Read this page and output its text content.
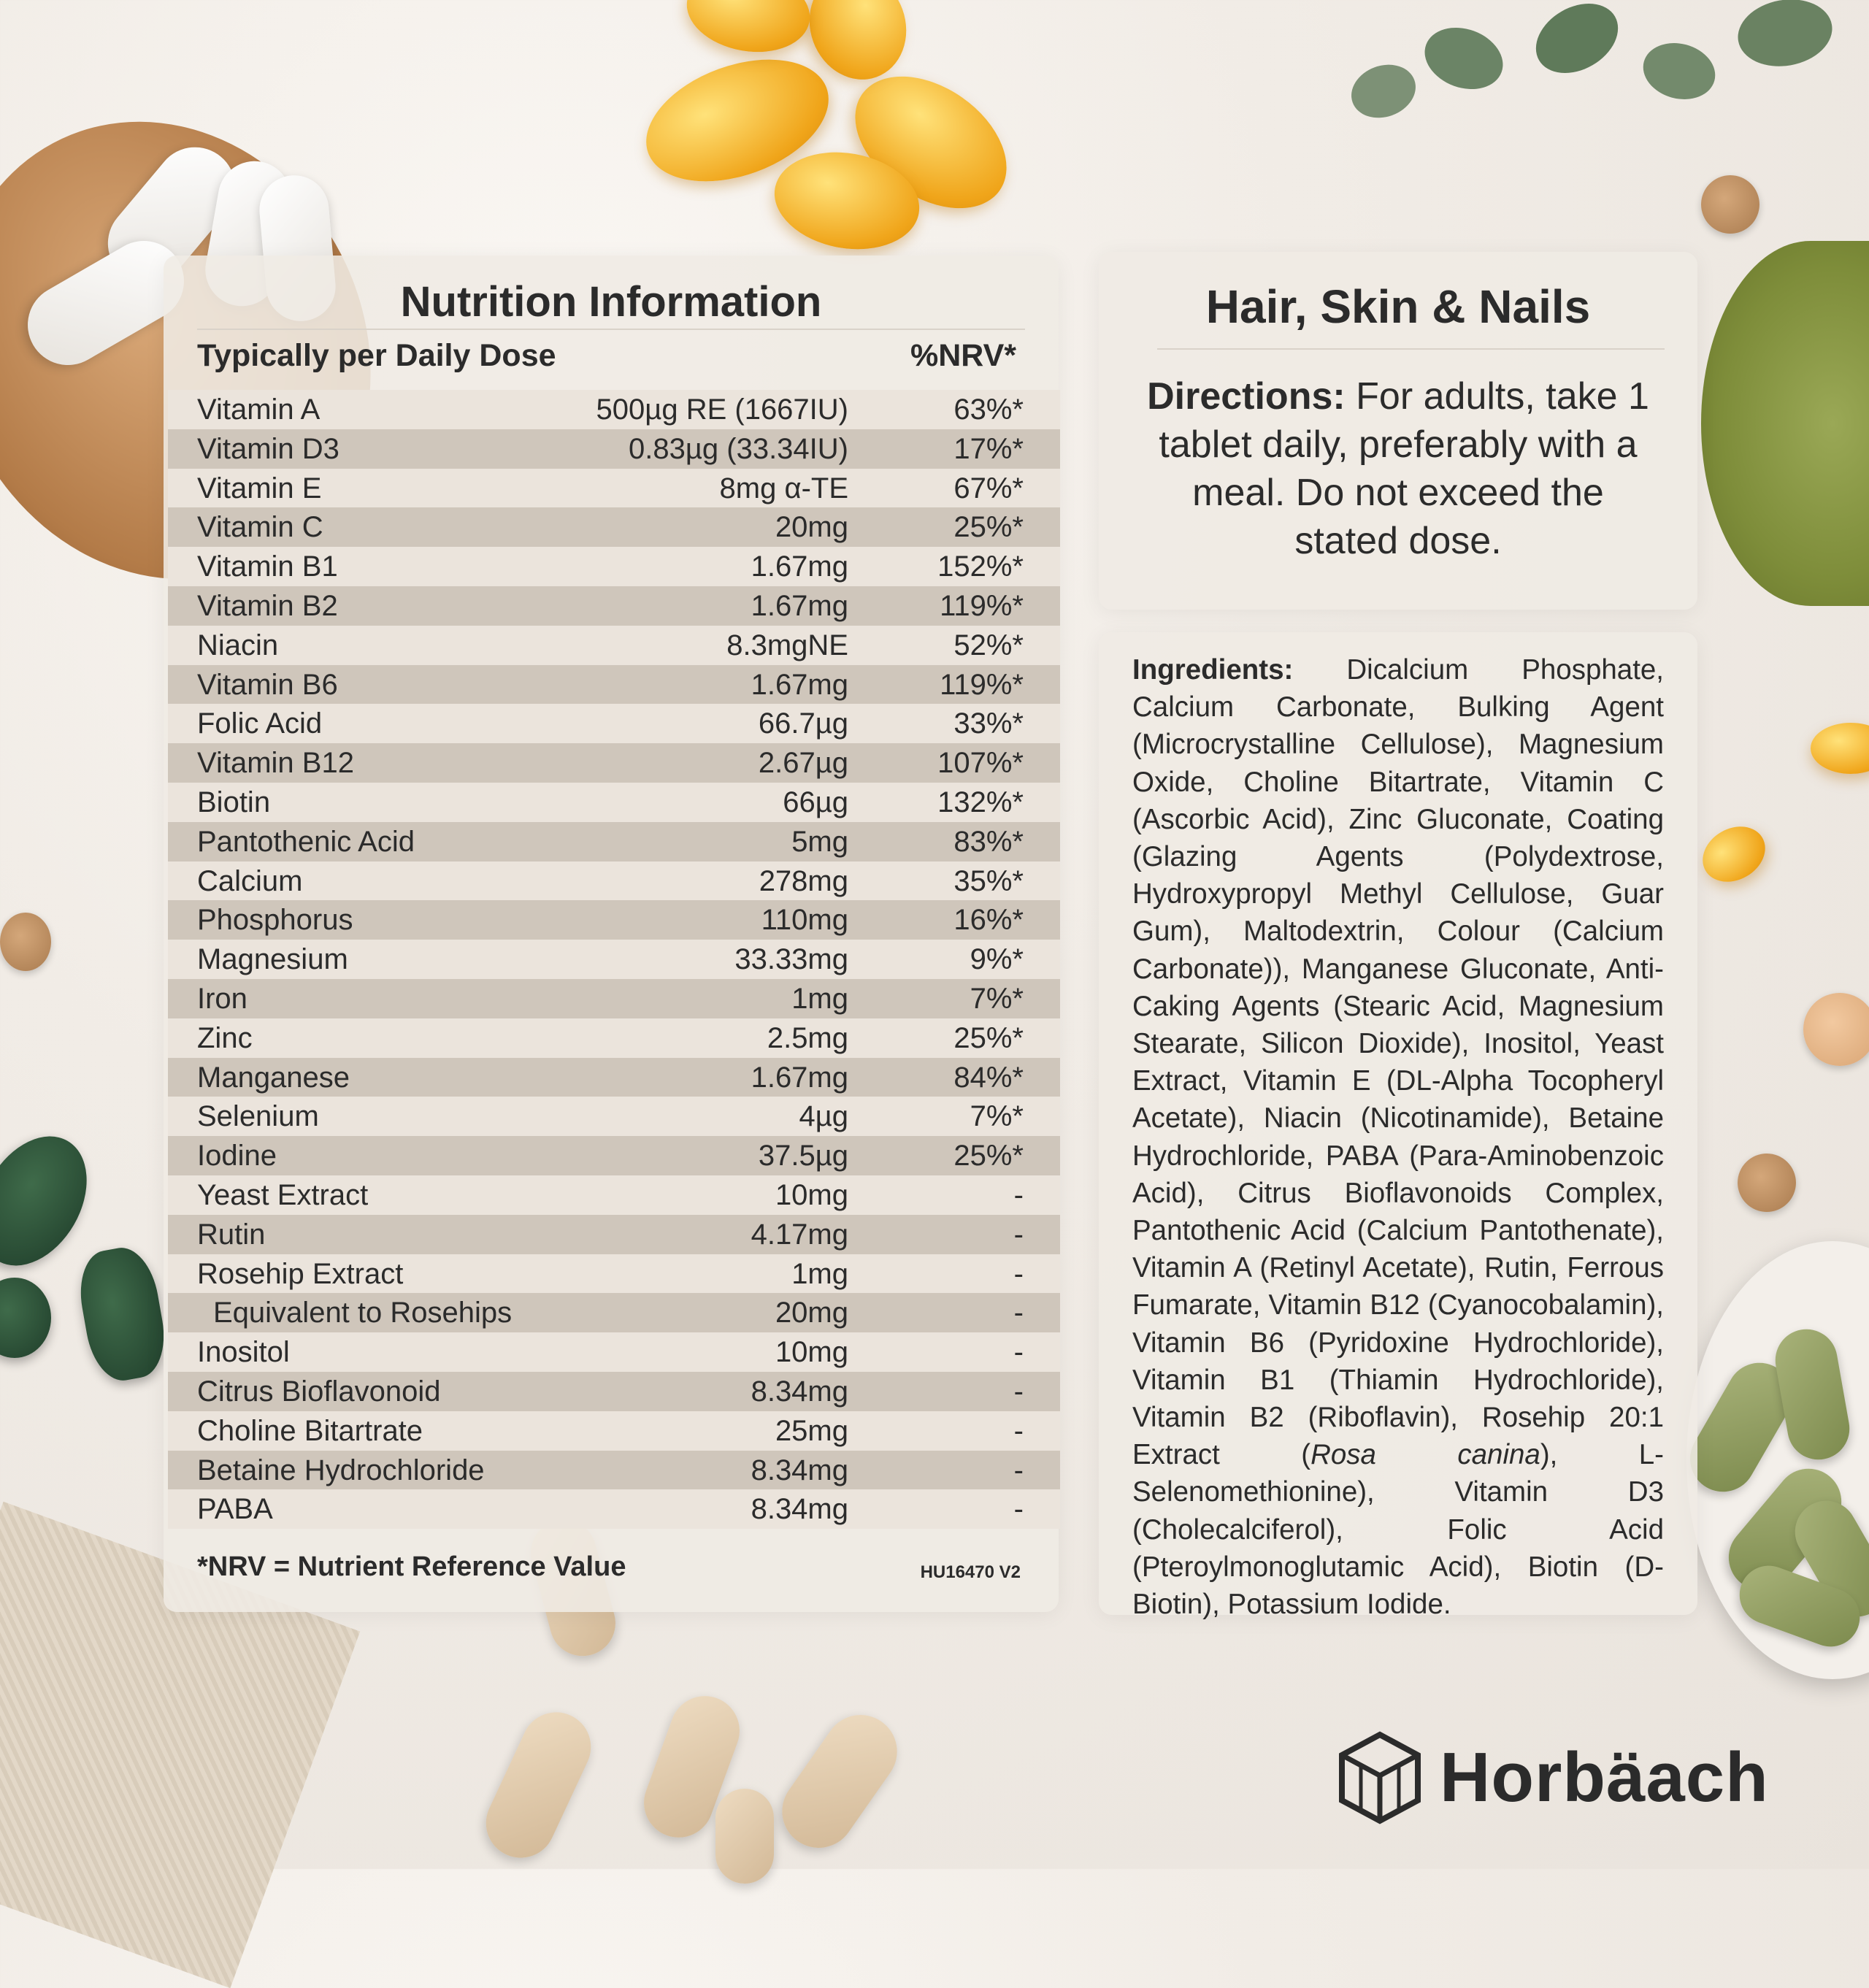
Nutrition Information
Typically per Daily Dose	%NRV*
Vitamin A	500µg RE (1667IU)	63%*
Vitamin D3	0.83µg (33.34IU)	17%*
Vitamin E	8mg α-TE	67%*
Vitamin C	20mg	25%*
Vitamin B1	1.67mg	152%*
Vitamin B2	1.67mg	119%*
Niacin	8.3mgNE	52%*
Vitamin B6	1.67mg	119%*
Folic Acid	66.7µg	33%*
Vitamin B12	2.67µg	107%*
Biotin	66µg	132%*
Pantothenic Acid	5mg	83%*
Calcium	278mg	35%*
Phosphorus	110mg	16%*
Magnesium	33.33mg	9%*
Iron	1mg	7%*
Zinc	2.5mg	25%*
Manganese	1.67mg	84%*
Selenium	4µg	7%*
Iodine	37.5µg	25%*
Yeast Extract	10mg	-
Rutin	4.17mg	-
Rosehip Extract	1mg	-
Equivalent to Rosehips	20mg	-
Inositol	10mg	-
Citrus Bioflavonoid	8.34mg	-
Choline Bitartrate	25mg	-
Betaine Hydrochloride	8.34mg	-
PABA	8.34mg	-
*NRV = Nutrient Reference Value	HU16470 V2
Hair, Skin & Nails
Directions: For adults, take 1 tablet daily, preferably with a meal. Do not exceed the stated dose.
Ingredients: Dicalcium Phosphate, Calcium Carbonate, Bulking Agent (Microcrystalline Cellulose), Magnesium Oxide, Choline Bitartrate, Vitamin C (Ascorbic Acid), Zinc Gluconate, Coating (Glazing Agents (Polydextrose, Hydroxypropyl Methyl Cellulose, Guar Gum), Maltodextrin, Colour (Calcium Carbonate)), Manganese Gluconate, Anti-Caking Agents (Stearic Acid, Magnesium Stearate, Silicon Dioxide), Inositol, Yeast Extract, Vitamin E (DL-Alpha Tocopheryl Acetate), Niacin (Nicotinamide), Betaine Hydrochloride, PABA (Para-Aminobenzoic Acid), Citrus Bioflavonoids Complex, Pantothenic Acid (Calcium Pantothenate), Vitamin A (Retinyl Acetate), Rutin, Ferrous Fumarate, Vitamin B12 (Cyanocobalamin), Vitamin B6 (Pyridoxine Hydrochloride), Vitamin B1 (Thiamin Hydrochloride), Vitamin B2 (Riboflavin), Rosehip 20:1 Extract (Rosa canina), L-Selenomethionine), Vitamin D3 (Cholecalciferol), Folic Acid (Pteroylmonoglutamic Acid), Biotin (D-Biotin), Potassium Iodide.
Horbäach
